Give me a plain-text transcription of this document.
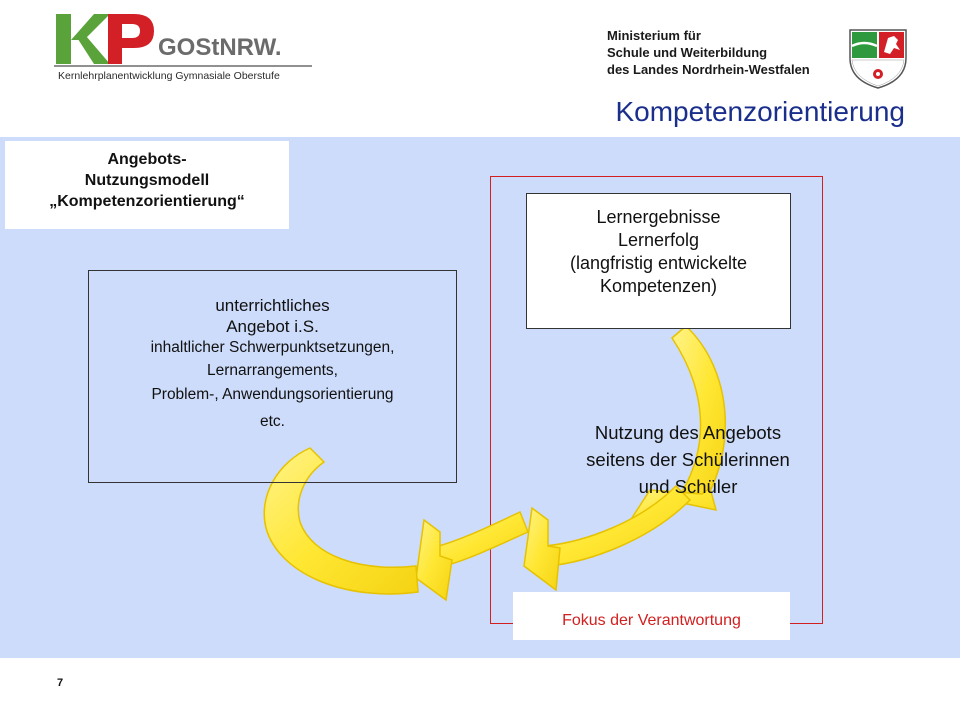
GOStNRW.
Kernlehrplanentwicklung Gymnasiale Oberstufe
Ministerium für
Schule und Weiterbildung
des Landes Nordrhein-Westfalen
Kompetenzorientierung
Angebots-
Nutzungsmodell
„Kompetenzorientierung“
unterrichtliches
Angebot i.S.
inhaltlicher Schwerpunktsetzungen,
Lernarrangements,
Problem-, Anwendungsorientierung
etc.
Lernergebnisse
Lernerfolg
(langfristig entwickelte
Kompetenzen)
Nutzung des Angebots
seitens der Schülerinnen
und Schüler
Fokus der Verantwortung
7
